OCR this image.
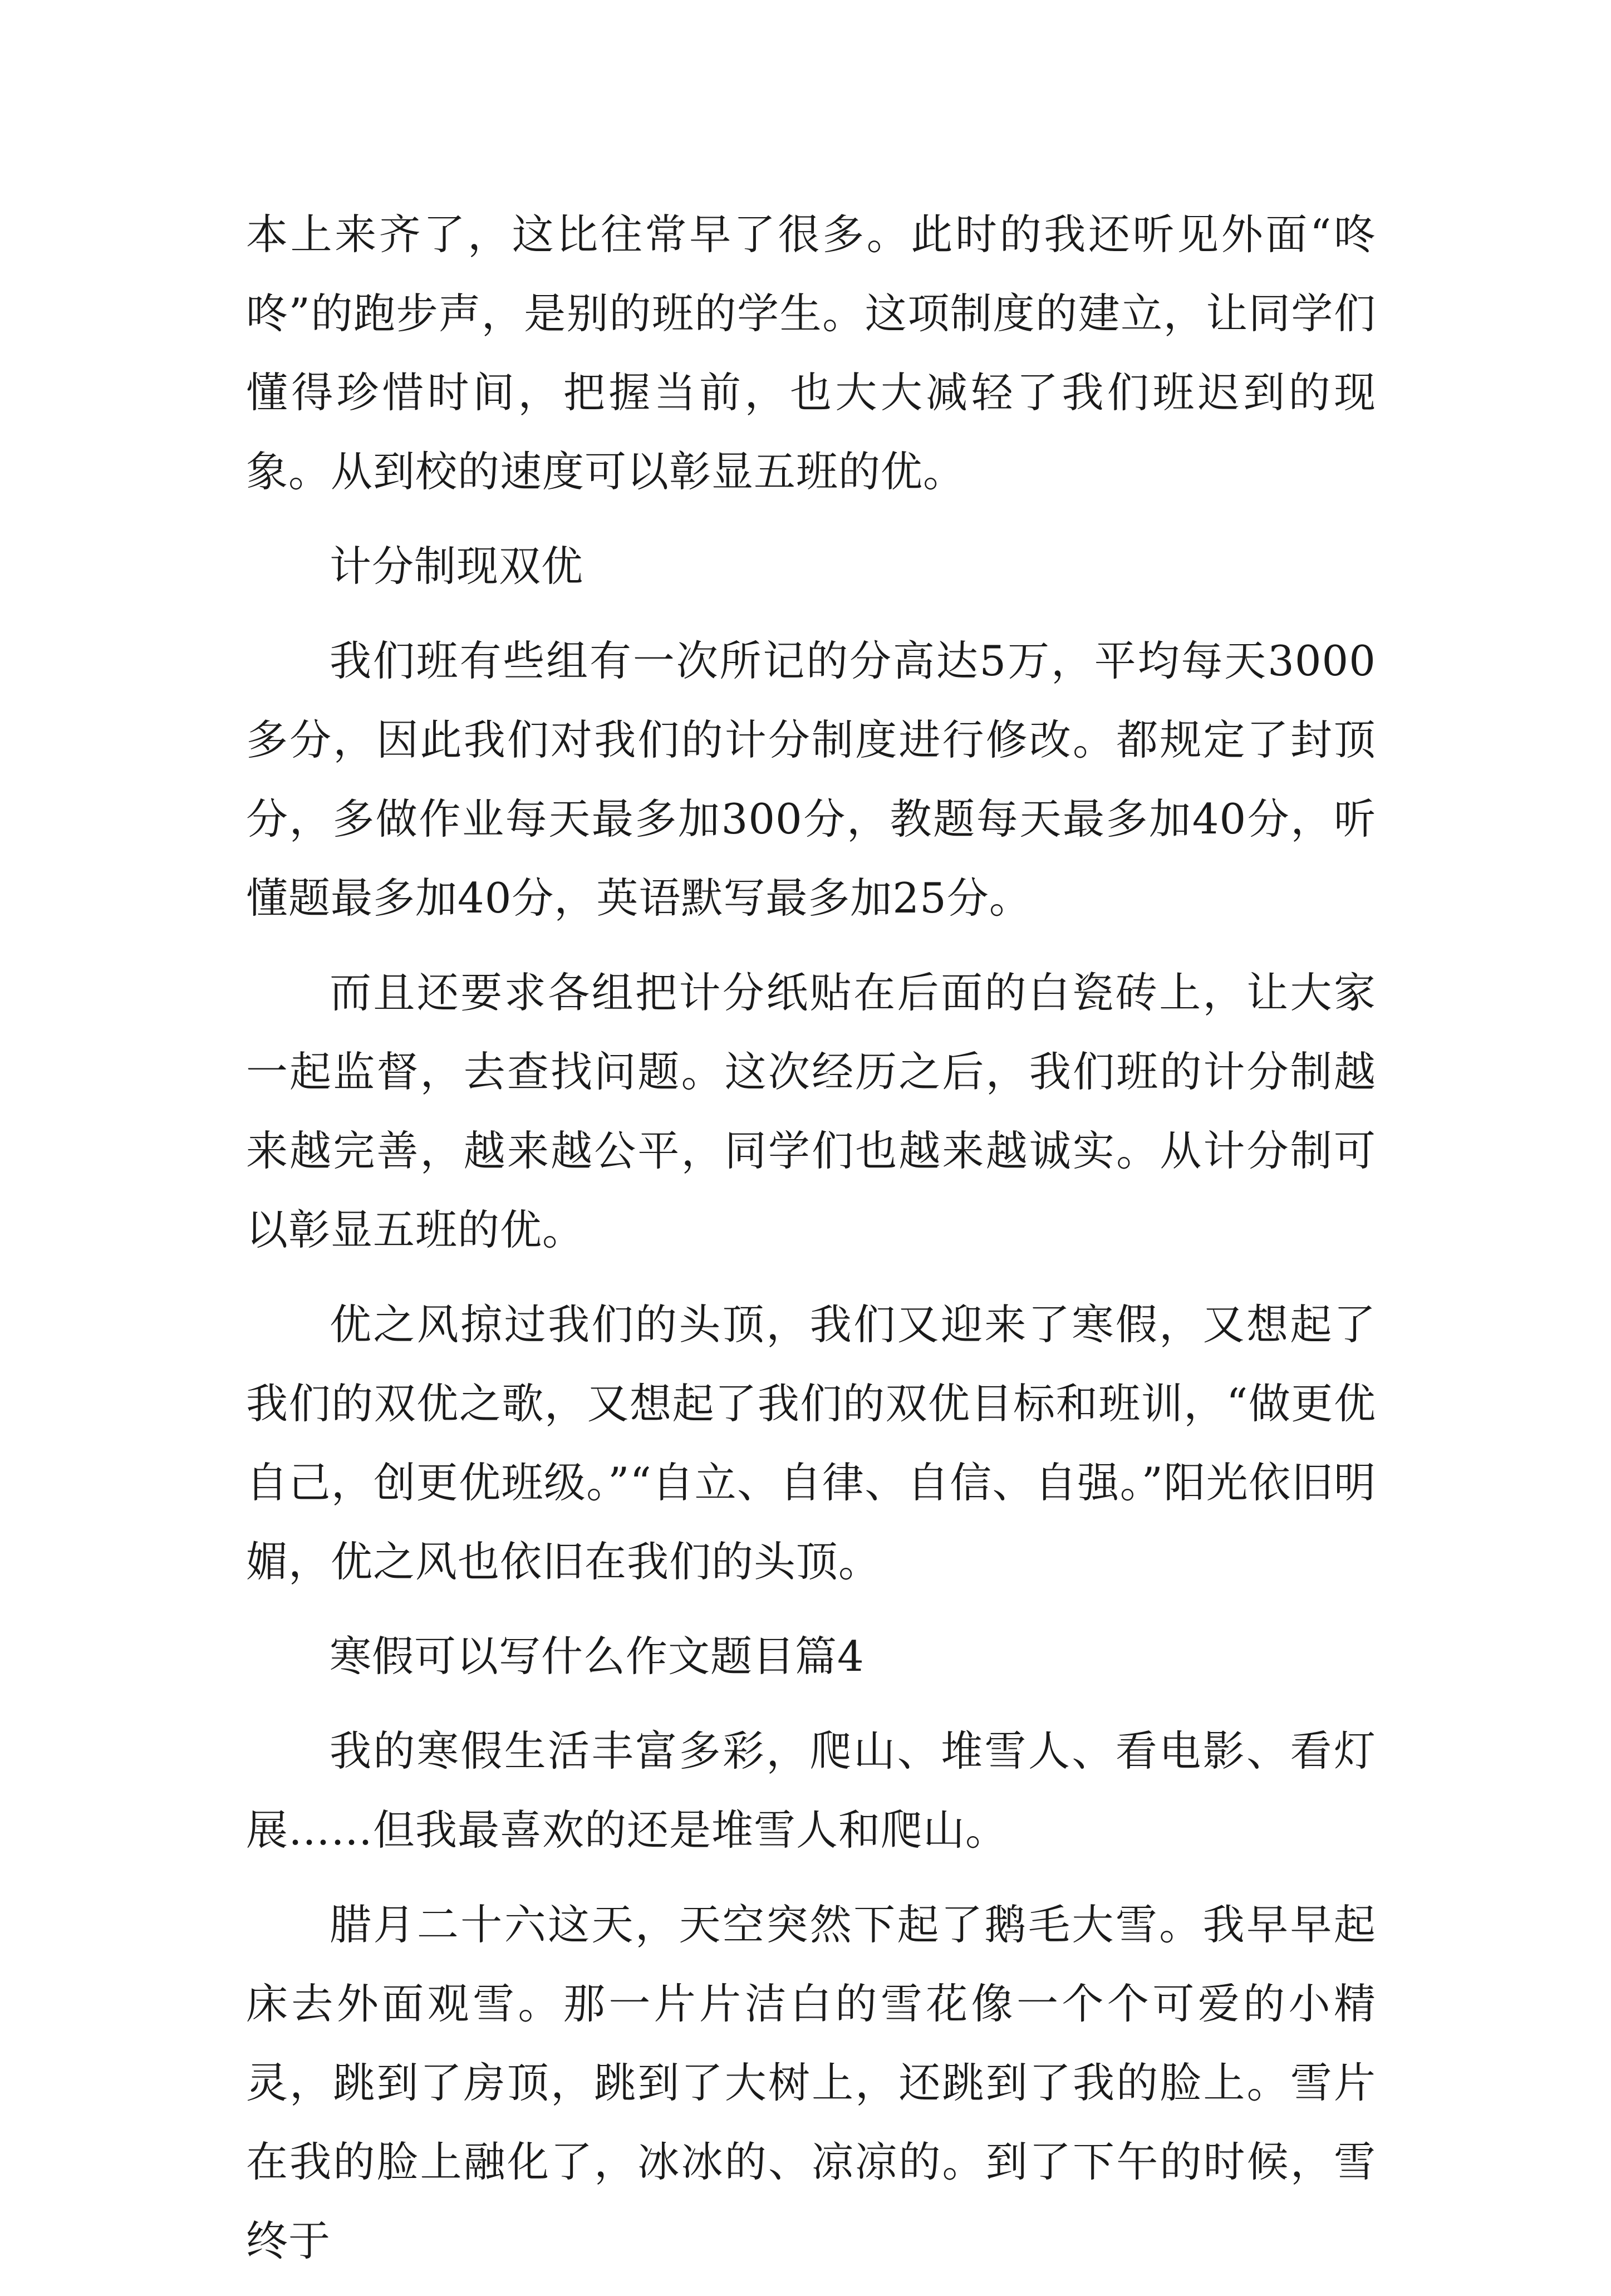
本上来齐了，这比往常早了很多。此时的我还听见外面“咚咚”的跑步声，是别的班的学生。这项制度的建立，让同学们懂得珍惜时间，把握当前，也大大减轻了我们班迟到的现象。从到校的速度可以彰显五班的优。

计分制现双优

我们班有些组有一次所记的分高达5万，平均每天3000多分，因此我们对我们的计分制度进行修改。都规定了封顶分，多做作业每天最多加300分，教题每天最多加40分，听懂题最多加40分，英语默写最多加25分。

而且还要求各组把计分纸贴在后面的白瓷砖上，让大家一起监督，去查找问题。这次经历之后，我们班的计分制越来越完善，越来越公平，同学们也越来越诚实。从计分制可以彰显五班的优。

优之风掠过我们的头顶，我们又迎来了寒假，又想起了我们的双优之歌，又想起了我们的双优目标和班训，“做更优自己，创更优班级。”“自立、自律、自信、自强。”阳光依旧明媚，优之风也依旧在我们的头顶。

寒假可以写什么作文题目篇4

我的寒假生活丰富多彩，爬山、堆雪人、看电影、看灯展……但我最喜欢的还是堆雪人和爬山。

腊月二十六这天，天空突然下起了鹅毛大雪。我早早起床去外面观雪。那一片片洁白的雪花像一个个可爱的小精灵，跳到了房顶，跳到了大树上，还跳到了我的脸上。雪片在我的脸上融化了，冰冰的、凉凉的。到了下午的时候，雪终于
